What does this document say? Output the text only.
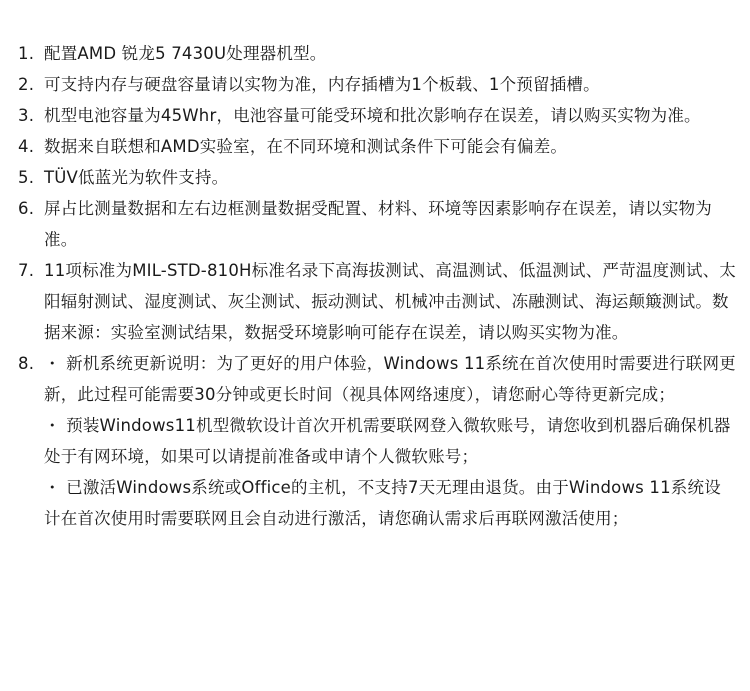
1. 配置AMD 锐龙5 7430U处理器机型。
2. 可支持内存与硬盘容量请以实物为准，内存插槽为1个板载、1个预留插槽。
3. 机型电池容量为45Whr，电池容量可能受环境和批次影响存在误差，请以购买实物为准。
4. 数据来自联想和AMD实验室，在不同环境和测试条件下可能会有偏差。
5. TÜV低蓝光为软件支持。
6. 屏占比测量数据和左右边框测量数据受配置、材料、环境等因素影响存在误差，请以实物为准。
7. 11项标准为MIL-STD-810H标准名录下高海拔测试、高温测试、低温测试、严苛温度测试、太阳辐射测试、湿度测试、灰尘测试、振动测试、机械冲击测试、冻融测试、海运颠簸测试。数据来源：实验室测试结果，数据受环境影响可能存在误差，请以购买实物为准。
8. ・ 新机系统更新说明：为了更好的用户体验，Windows 11系统在首次使用时需要进行联网更新，此过程可能需要30分钟或更长时间（视具体网络速度），请您耐心等待更新完成；
・ 预装Windows11机型微软设计首次开机需要联网登入微软账号，请您收到机器后确保机器处于有网环境，如果可以请提前准备或申请个人微软账号；
・ 已激活Windows系统或Office的主机，不支持7天无理由退货。由于Windows 11系统设计在首次使用时需要联网且会自动进行激活，请您确认需求后再联网激活使用；
